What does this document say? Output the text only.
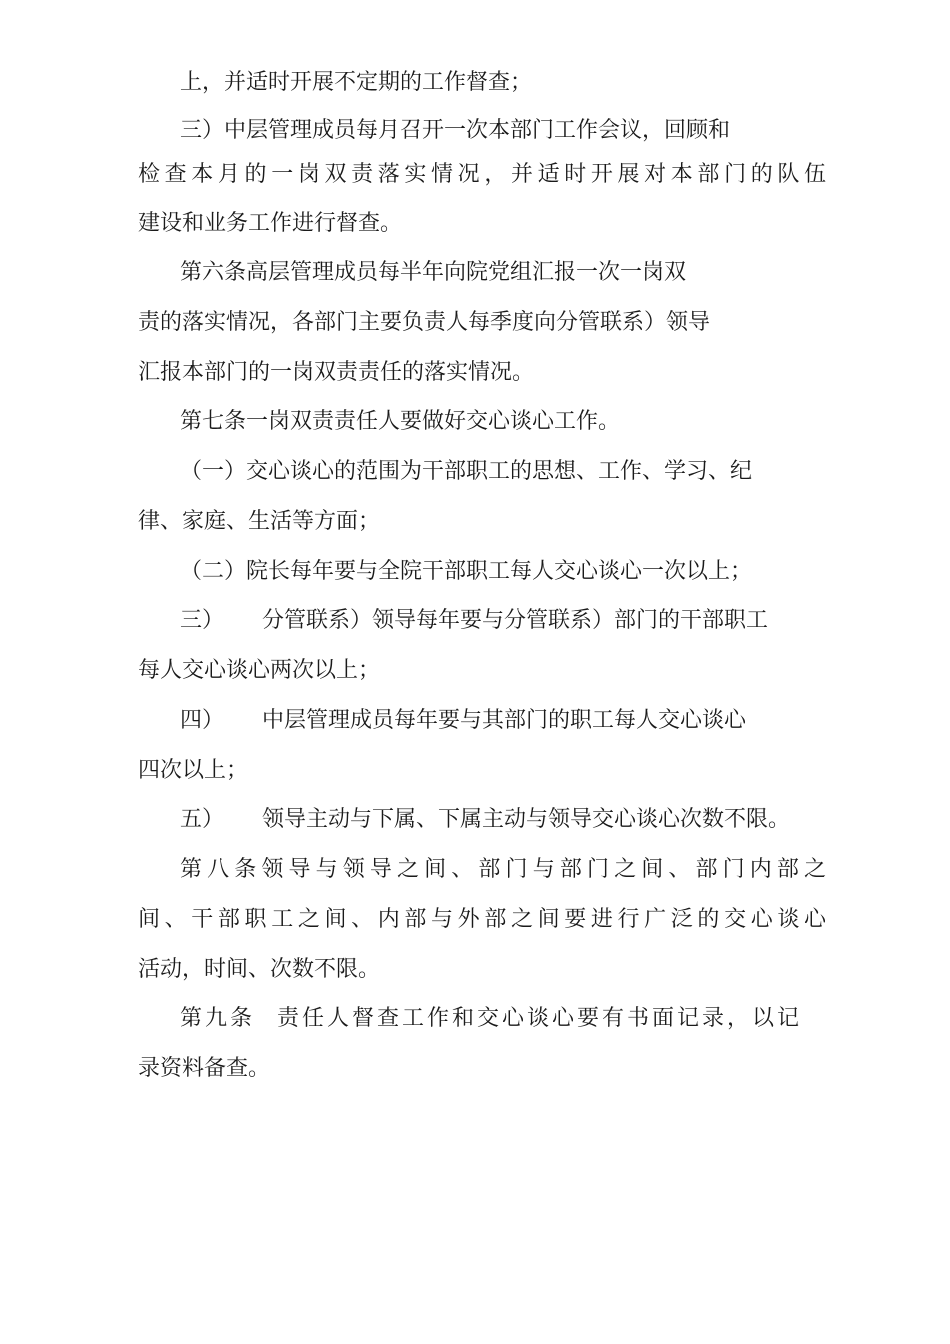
上，并适时开展不定期的工作督查；
三）中层管理成员每月召开一次本部门工作会议，回顾和
检查本月的一岗双责落实情况，并适时开展对本部门的队伍
建设和业务工作进行督查。
第六条高层管理成员每半年向院党组汇报一次一岗双
责的落实情况，各部门主要负责人每季度向分管联系）领导
汇报本部门的一岗双责责任的落实情况。
第七条一岗双责责任人要做好交心谈心工作。
（一）交心谈心的范围为干部职工的思想、工作、学习、纪
律、家庭、生活等方面；
（二）院长每年要与全院干部职工每人交心谈心一次以上；
三） 分管联系）领导每年要与分管联系）部门的干部职工
每人交心谈心两次以上；
四） 中层管理成员每年要与其部门的职工每人交心谈心
四次以上；
五） 领导主动与下属、下属主动与领导交心谈心次数不限。
第八条领导与领导之间、部门与部门之间、部门内部之
间、干部职工之间、内部与外部之间要进行广泛的交心谈心
活动，时间、次数不限。
第九条 责任人督查工作和交心谈心要有书面记录，以记
录资料备查。
